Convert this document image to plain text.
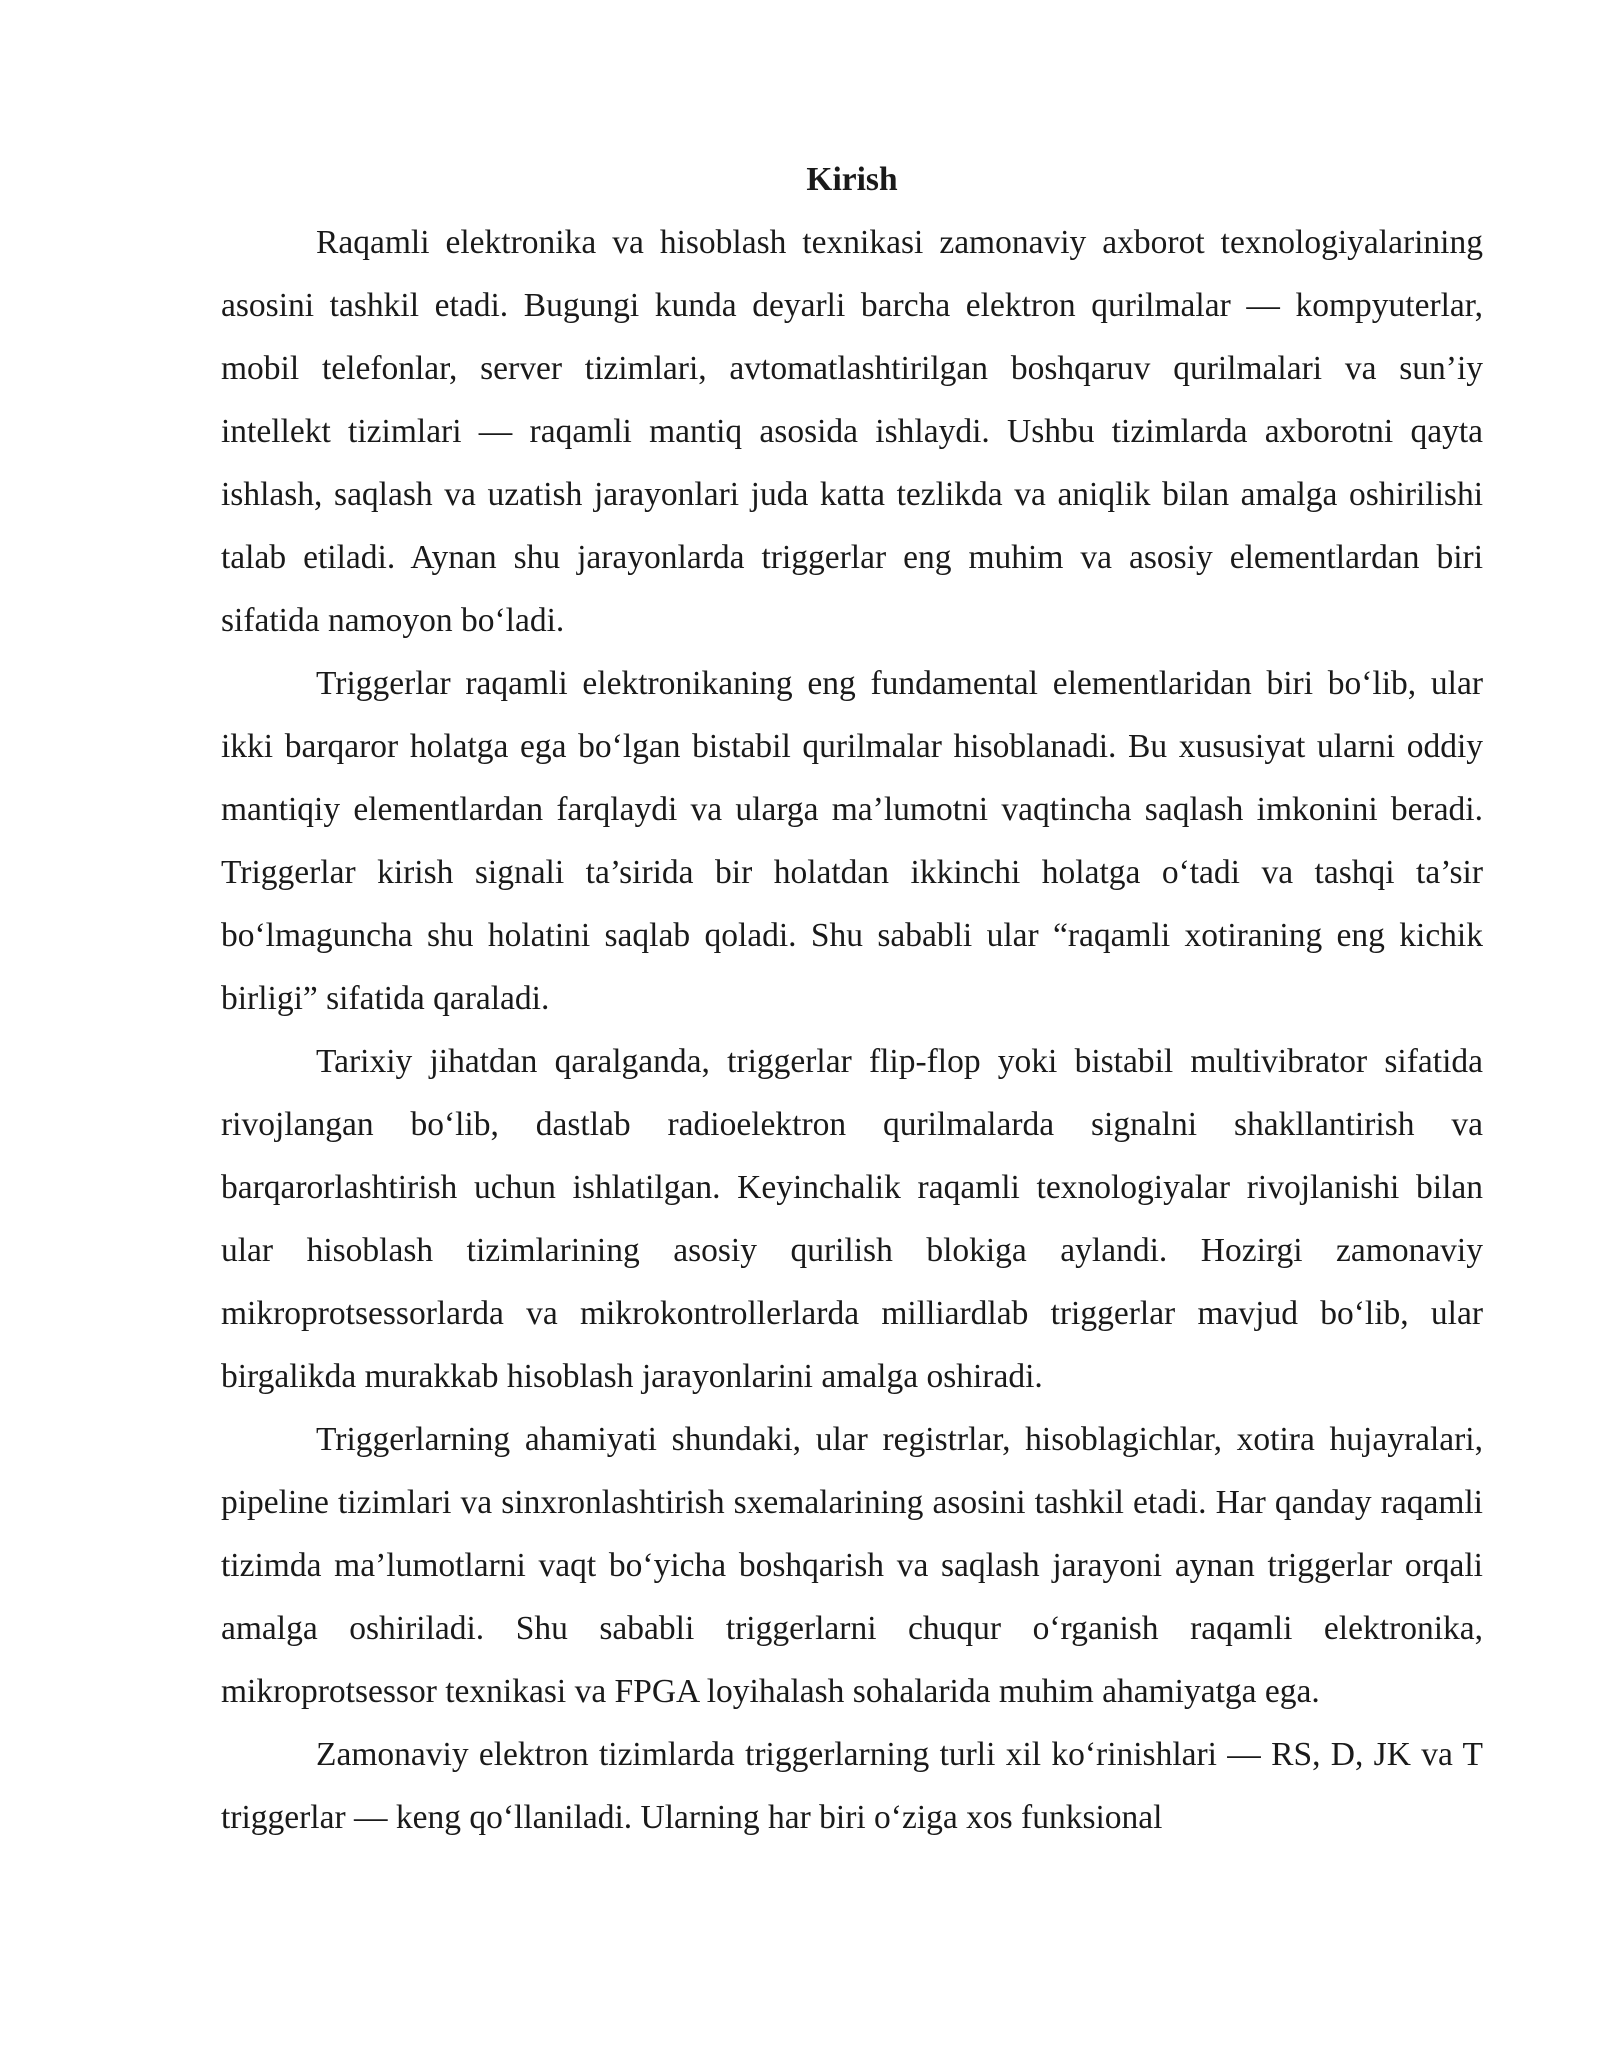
Kirish

Raqamli elektronika va hisoblash texnikasi zamonaviy axborot texnologiyalarining asosini tashkil etadi. Bugungi kunda deyarli barcha elektron qurilmalar — kompyuterlar, mobil telefonlar, server tizimlari, avtomatlashtirilgan boshqaruv qurilmalari va sun’iy intellekt tizimlari — raqamli mantiq asosida ishlaydi. Ushbu tizimlarda axborotni qayta ishlash, saqlash va uzatish jarayonlari juda katta tezlikda va aniqlik bilan amalga oshirilishi talab etiladi. Aynan shu jarayonlarda triggerlar eng muhim va asosiy elementlardan biri sifatida namoyon boʻladi.

Triggerlar raqamli elektronikaning eng fundamental elementlaridan biri boʻlib, ular ikki barqaror holatga ega boʻlgan bistabil qurilmalar hisoblanadi. Bu xususiyat ularni oddiy mantiqiy elementlardan farqlaydi va ularga ma’lumotni vaqtincha saqlash imkonini beradi. Triggerlar kirish signali ta’sirida bir holatdan ikkinchi holatga oʻtadi va tashqi ta’sir boʻlmaguncha shu holatini saqlab qoladi. Shu sababli ular “raqamli xotiraning eng kichik birligi” sifatida qaraladi.

Tarixiy jihatdan qaralganda, triggerlar flip-flop yoki bistabil multivibrator sifatida rivojlangan boʻlib, dastlab radioelektron qurilmalarda signalni shakllantirish va barqarorlashtirish uchun ishlatilgan. Keyinchalik raqamli texnologiyalar rivojlanishi bilan ular hisoblash tizimlarining asosiy qurilish blokiga aylandi. Hozirgi zamonaviy mikroprotsessorlarda va mikrokontrollerlarda milliardlab triggerlar mavjud boʻlib, ular birgalikda murakkab hisoblash jarayonlarini amalga oshiradi.

Triggerlarning ahamiyati shundaki, ular registrlar, hisoblagichlar, xotira hujayralari, pipeline tizimlari va sinxronlashtirish sxemalarining asosini tashkil etadi. Har qanday raqamli tizimda ma’lumotlarni vaqt boʻyicha boshqarish va saqlash jarayoni aynan triggerlar orqali amalga oshiriladi. Shu sababli triggerlarni chuqur oʻrganish raqamli elektronika, mikroprotsessor texnikasi va FPGA loyihalash sohalarida muhim ahamiyatga ega.

Zamonaviy elektron tizimlarda triggerlarning turli xil koʻrinishlari — RS, D, JK va T triggerlar — keng qoʻllaniladi. Ularning har biri oʻziga xos funksional
